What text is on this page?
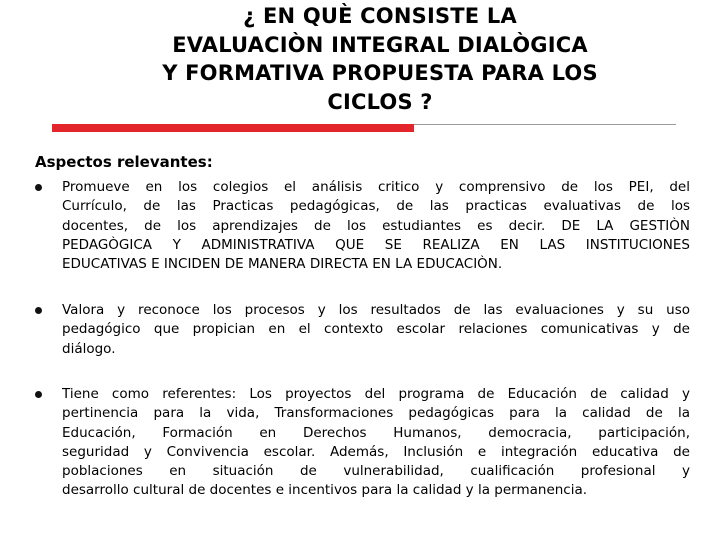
¿ EN QUÈ CONSISTE LA
EVALUACIÒN INTEGRAL DIALÒGICA
Y FORMATIVA PROPUESTA PARA LOS
CICLOS ?
Aspectos relevantes:
Promueve en los colegios el análisis critico y comprensivo de los PEI, del
Currículo, de las Practicas pedagógicas, de las practicas evaluativas de los
docentes, de los aprendizajes de los estudiantes es decir. DE LA GESTIÒN
PEDAGÒGICA Y ADMINISTRATIVA QUE SE REALIZA EN LAS INSTITUCIONES
EDUCATIVAS E INCIDEN DE MANERA DIRECTA EN LA EDUCACIÒN.
Valora y reconoce los procesos y los resultados de las evaluaciones y su uso
pedagógico que propician en el contexto escolar relaciones comunicativas y de
diálogo.
Tiene como referentes: Los proyectos del programa de Educación de calidad y
pertinencia para la vida, Transformaciones pedagógicas para la calidad de la
Educación, Formación en Derechos Humanos, democracia, participación,
seguridad y Convivencia escolar. Además, Inclusión e integración educativa de
poblaciones en situación de vulnerabilidad, cualificación profesional y
desarrollo cultural de docentes e incentivos para la calidad y la permanencia.
